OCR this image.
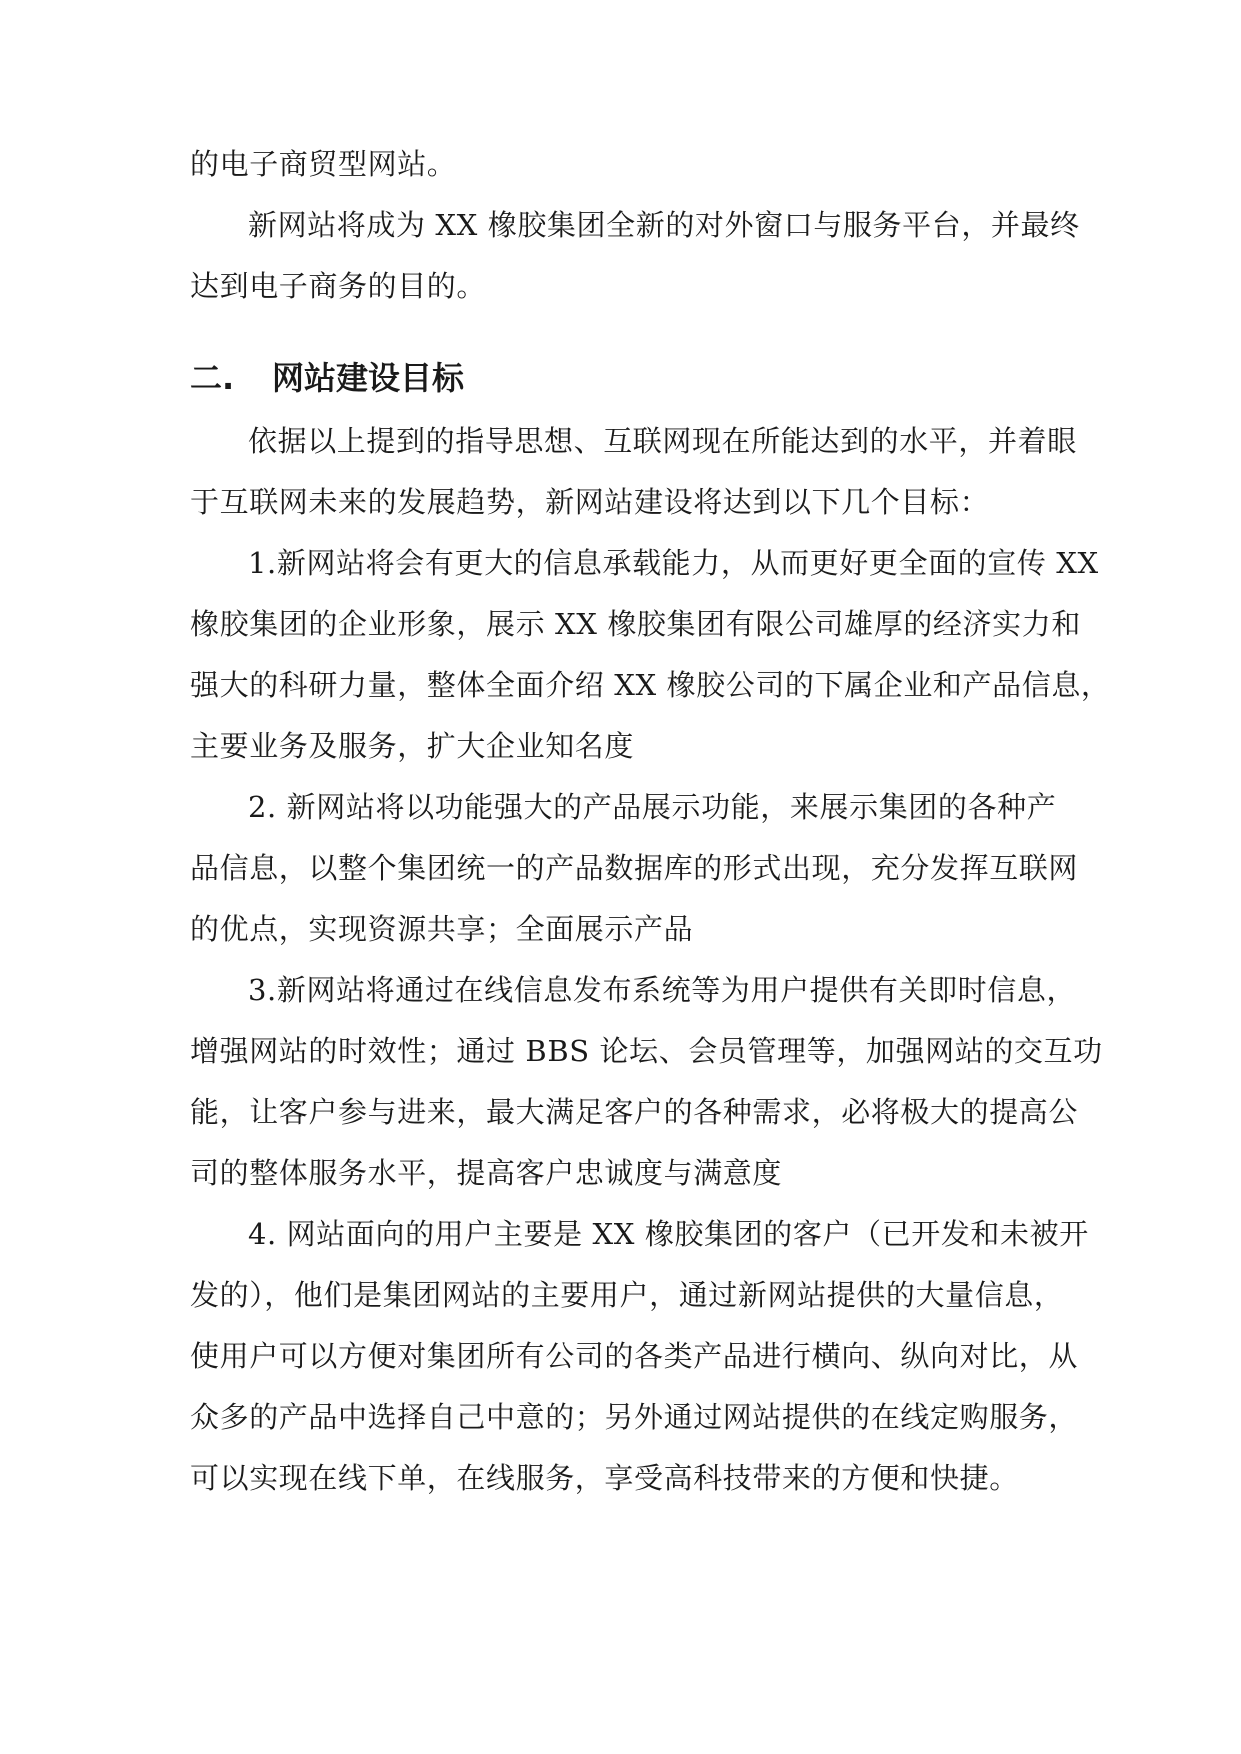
的电子商贸型网站。
新网站将成为 XX 橡胶集团全新的对外窗口与服务平台，并最终
达到电子商务的目的。
二. 网站建设目标
依据以上提到的指导思想、互联网现在所能达到的水平，并着眼
于互联网未来的发展趋势，新网站建设将达到以下几个目标：
1.新网站将会有更大的信息承载能力，从而更好更全面的宣传 XX
橡胶集团的企业形象，展示 XX 橡胶集团有限公司雄厚的经济实力和
强大的科研力量，整体全面介绍 XX 橡胶公司的下属企业和产品信息，
主要业务及服务，扩大企业知名度
2. 新网站将以功能强大的产品展示功能，来展示集团的各种产
品信息，以整个集团统一的产品数据库的形式出现，充分发挥互联网
的优点，实现资源共享；全面展示产品
3.新网站将通过在线信息发布系统等为用户提供有关即时信息，
增强网站的时效性；通过 BBS 论坛、会员管理等，加强网站的交互功
能，让客户参与进来，最大满足客户的各种需求，必将极大的提高公
司的整体服务水平，提高客户忠诚度与满意度
4. 网站面向的用户主要是 XX 橡胶集团的客户（已开发和未被开
发的），他们是集团网站的主要用户，通过新网站提供的大量信息，
使用户可以方便对集团所有公司的各类产品进行横向、纵向对比，从
众多的产品中选择自己中意的；另外通过网站提供的在线定购服务，
可以实现在线下单，在线服务，享受高科技带来的方便和快捷。
